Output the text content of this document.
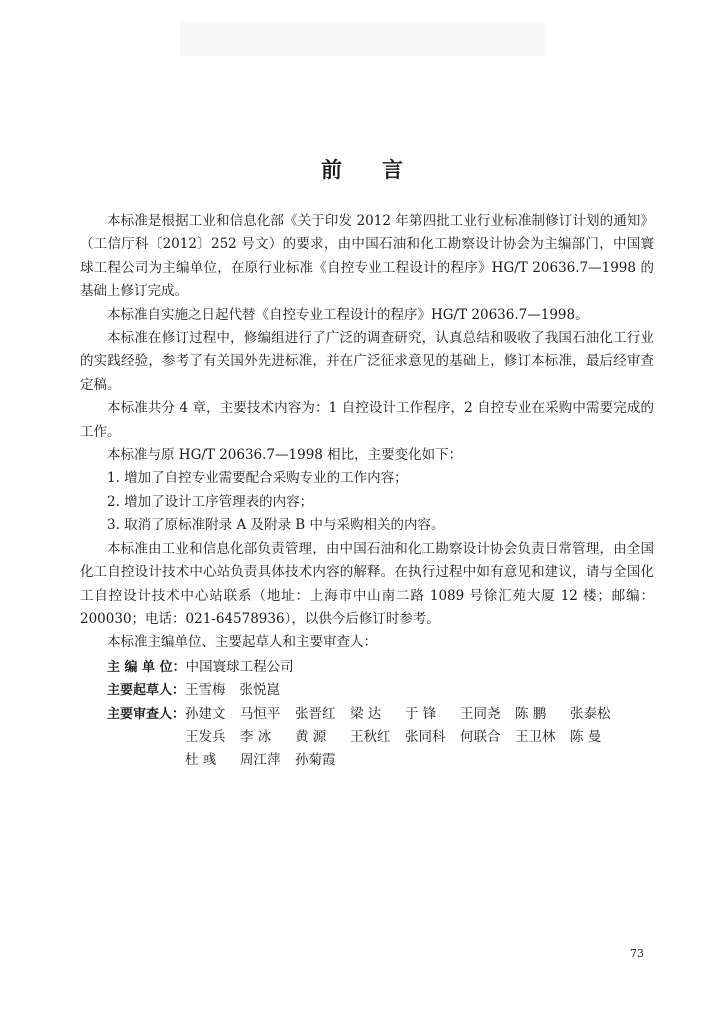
前言

本标准是根据工业和信息化部《关于印发 2012 年第四批工业行业标准制修订计划的通知》（工信厅科〔2012〕252 号文）的要求，由中国石油和化工勘察设计协会为主编部门，中国寰球工程公司为主编单位，在原行业标准《自控专业工程设计的程序》HG/T 20636.7—1998 的基础上修订完成。

本标准自实施之日起代替《自控专业工程设计的程序》HG/T 20636.7—1998。

本标准在修订过程中，修编组进行了广泛的调查研究，认真总结和吸收了我国石油化工行业的实践经验，参考了有关国外先进标准，并在广泛征求意见的基础上，修订本标准，最后经审查定稿。

本标准共分 4 章，主要技术内容为：1 自控设计工作程序，2 自控专业在采购中需要完成的工作。

本标准与原 HG/T 20636.7—1998 相比，主要变化如下：

1. 增加了自控专业需要配合采购专业的工作内容；

2. 增加了设计工序管理表的内容；

3. 取消了原标准附录 A 及附录 B 中与采购相关的内容。

本标准由工业和信息化部负责管理，由中国石油和化工勘察设计协会负责日常管理，由全国化工自控设计技术中心站负责具体技术内容的解释。在执行过程中如有意见和建议，请与全国化工自控设计技术中心站联系（地址：上海市中山南二路 1089 号徐汇苑大厦 12 楼；邮编：200030；电话：021-64578936），以供今后修订时参考。

本标准主编单位、主要起草人和主要审查人：

主 编 单 位： 中国寰球工程公司
主要起草人： 王雪梅 张悦崑
主要审查人： 孙建文	马恒平	张晋红	梁 达	于 锋	王同尧	陈 鹏	张泰松
王发兵	李 冰	黄 源	王秋红	张同科	何联合	王卫林	陈 曼
杜 彧	周江萍	孙菊霞
73
